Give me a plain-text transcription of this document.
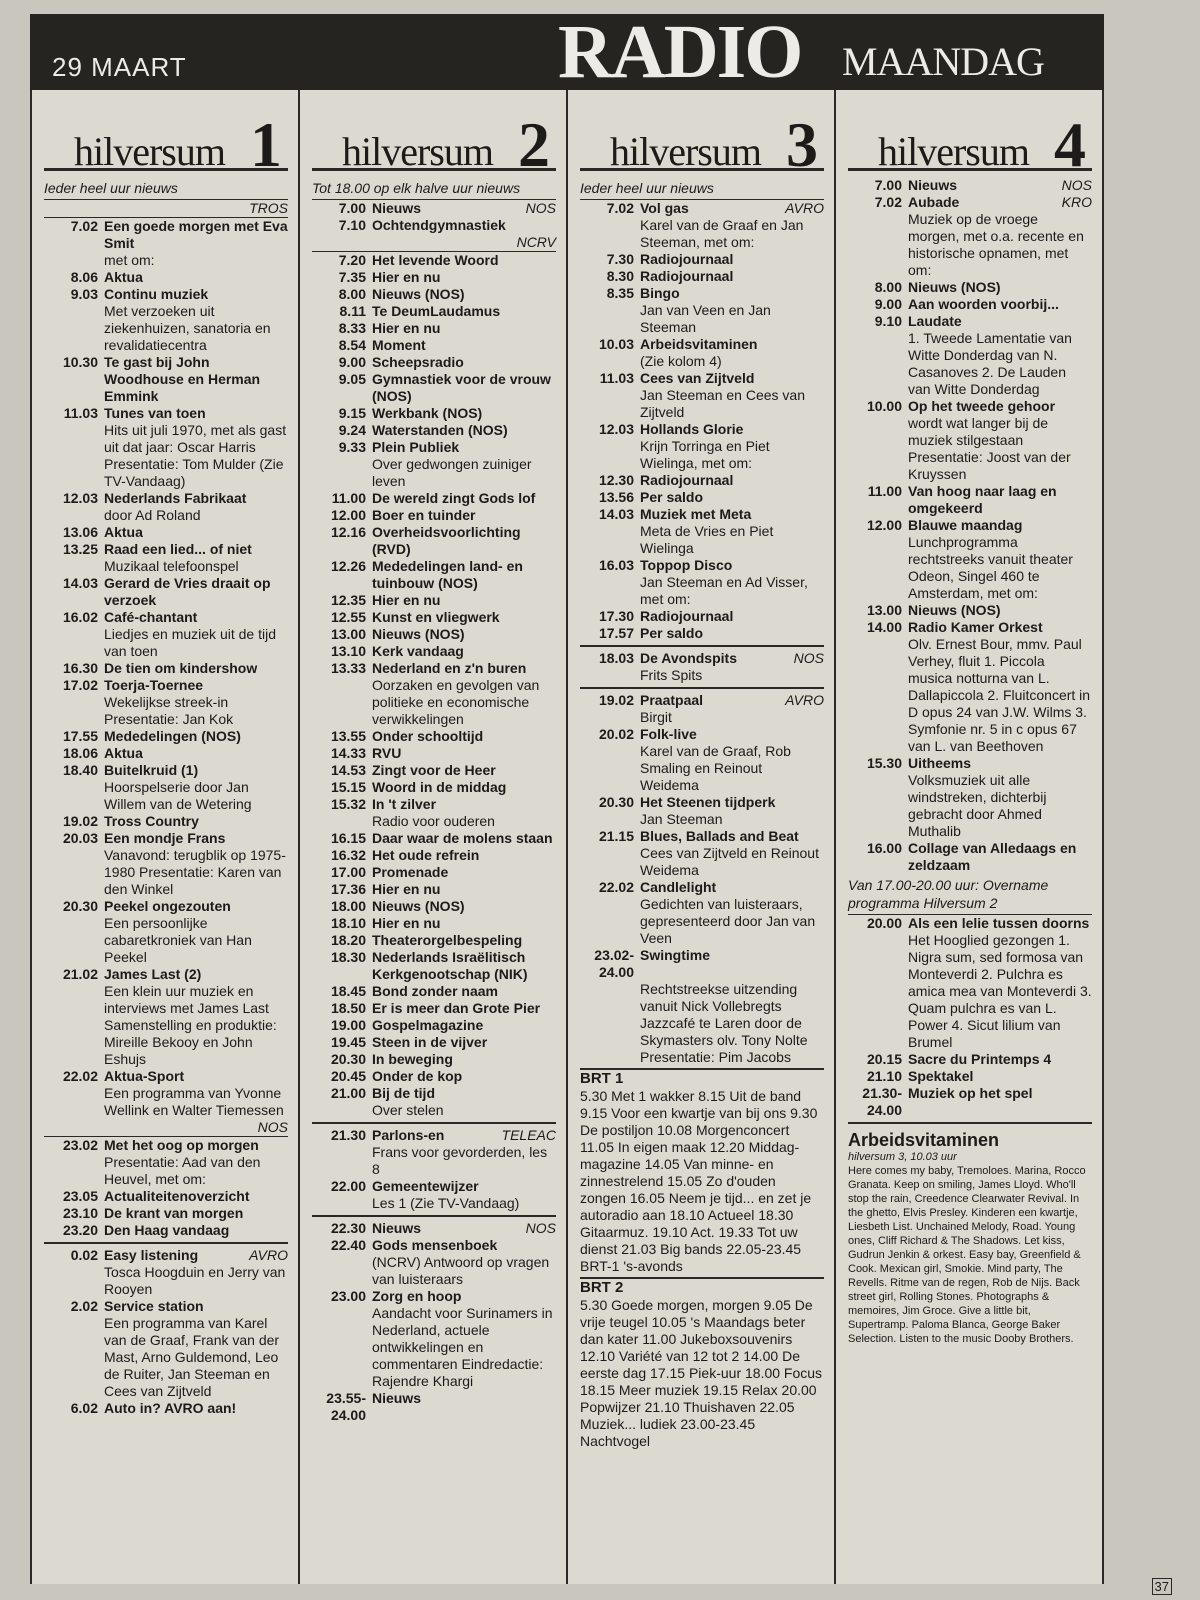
29 MAART	RADIO MAANDAG
hilversum 1
Ieder heel uur nieuws
TROS
7.02 Een goede morgen met Eva Smit
met om:
8.06 Aktua
9.03 Continu muziek
Met verzoeken uit ziekenhuizen, sanatoria en revalidatiecentra
10.30 Te gast bij John Woodhouse en Herman Emmink
11.03 Tunes van toen
Hits uit juli 1970, met als gast uit dat jaar: Oscar Harris Presentatie: Tom Mulder (Zie TV-Vandaag)
12.03 Nederlands Fabrikaat
door Ad Roland
13.06 Aktua
13.25 Raad een lied... of niet
Muzikaal telefoonspel
14.03 Gerard de Vries draait op verzoek
16.02 Café-chantant
Liedjes en muziek uit de tijd van toen
16.30 De tien om kindershow
17.02 Toerja-Toernee
Wekelijkse streek-in Presentatie: Jan Kok
17.55 Mededelingen (NOS)
18.06 Aktua
18.40 Buitelkruid (1)
Hoorspelserie door Jan Willem van de Wetering
19.02 Tross Country
20.03 Een mondje Frans
Vanavond: terugblik op 1975-1980 Presentatie: Karen van den Winkel
20.30 Peekel ongezouten
Een persoonlijke cabaretkroniek van Han Peekel
21.02 James Last (2)
Een klein uur muziek en interviews met James Last Samenstelling en produktie: Mireille Bekooy en John Eshujs
22.02 Aktua-Sport
Een programma van Yvonne Wellink en Walter Tiemessen
NOS
23.02 Met het oog op morgen
Presentatie: Aad van den Heuvel, met om:
23.05 Actualiteitenoverzicht
23.10 De krant van morgen
23.20 Den Haag vandaag
0.02 Easy listening	AVRO
Tosca Hoogduin en Jerry van Rooyen
2.02 Service station
Een programma van Karel van de Graaf, Frank van der Mast, Arno Guldemond, Leo de Ruiter, Jan Steeman en Cees van Zijtveld
6.02 Auto in? AVRO aan!
hilversum 2
Tot 18.00 op elk halve uur nieuws
7.00 Nieuws	NOS
7.10 Ochtendgymnastiek
NCRV
7.20 Het levende Woord
7.35 Hier en nu
8.00 Nieuws (NOS)
8.11 Te DeumLaudamus
8.33 Hier en nu
8.54 Moment
9.00 Scheepsradio
9.05 Gymnastiek voor de vrouw (NOS)
9.15 Werkbank (NOS)
9.24 Waterstanden (NOS)
9.33 Plein Publiek
Over gedwongen zuiniger leven
11.00 De wereld zingt Gods lof
12.00 Boer en tuinder
12.16 Overheidsvoorlichting (RVD)
12.26 Mededelingen land- en tuinbouw (NOS)
12.35 Hier en nu
12.55 Kunst en vliegwerk
13.00 Nieuws (NOS)
13.10 Kerk vandaag
13.33 Nederland en z'n buren
Oorzaken en gevolgen van politieke en economische verwikkelingen
13.55 Onder schooltijd
14.33 RVU
14.53 Zingt voor de Heer
15.15 Woord in de middag
15.32 In 't zilver
Radio voor ouderen
16.15 Daar waar de molens staan
16.32 Het oude refrein
17.00 Promenade
17.36 Hier en nu
18.00 Nieuws (NOS)
18.10 Hier en nu
18.20 Theaterorgelbespeling
18.30 Nederlands Israëlitisch Kerkgenootschap (NIK)
18.45 Bond zonder naam
18.50 Er is meer dan Grote Pier
19.00 Gospelmagazine
19.45 Steen in de vijver
20.30 In beweging
20.45 Onder de kop
21.00 Bij de tijd
Over stelen
21.30 Parlons-en	TELEAC
Frans voor gevorderden, les 8
22.00 Gemeentewijzer
Les 1 (Zie TV-Vandaag)
22.30 Nieuws	NOS
22.40 Gods mensenboek
(NCRV) Antwoord op vragen van luisteraars
23.00 Zorg en hoop
Aandacht voor Surinamers in Nederland, actuele ontwikkelingen en commentaren Eindredactie: Rajendre Khargi
23.55-24.00
Nieuws
hilversum 3
Ieder heel uur nieuws
7.02 Vol gas	AVRO
Karel van de Graaf en Jan Steeman, met om:
7.30 Radiojournaal
8.30 Radiojournaal
8.35 Bingo
Jan van Veen en Jan Steeman
10.03 Arbeidsvitaminen
(Zie kolom 4)
11.03 Cees van Zijtveld
Jan Steeman en Cees van Zijtveld
12.03 Hollands Glorie
Krijn Torringa en Piet Wielinga, met om:
12.30 Radiojournaal
13.56 Per saldo
14.03 Muziek met Meta
Meta de Vries en Piet Wielinga
16.03 Toppop Disco
Jan Steeman en Ad Visser, met om:
17.30 Radiojournaal
17.57 Per saldo
18.03 De Avondspits	NOS
Frits Spits
19.02 Praatpaal	AVRO
Birgit
20.02 Folk-live
Karel van de Graaf, Rob Smaling en Reinout Weidema
20.30 Het Steenen tijdperk
Jan Steeman
21.15 Blues, Ballads and Beat
Cees van Zijtveld en Reinout Weidema
22.02 Candlelight
Gedichten van luisteraars, gepresenteerd door Jan van Veen
23.02-24.00
Swingtime
Rechtstreekse uitzending vanuit Nick Vollebregts Jazzcafé te Laren door de Skymasters olv. Tony Nolte Presentatie: Pim Jacobs
BRT 1
5.30 Met 1 wakker 8.15 Uit de band 9.15 Voor een kwartje van bij ons 9.30 De postiljon 10.08 Morgenconcert 11.05 In eigen maak 12.20 Middag-magazine 14.05 Van minne- en zinnestrelend 15.05 Zo d'ouden zongen 16.05 Neem je tijd... en zet je autoradio aan 18.10 Actueel 18.30 Gitaarmuz. 19.10 Act. 19.33 Tot uw dienst 21.03 Big bands 22.05-23.45 BRT-1 's-avonds
BRT 2
5.30 Goede morgen, morgen 9.05 De vrije teugel 10.05 's Maandags beter dan kater 11.00 Jukeboxsouvenirs 12.10 Variété van 12 tot 2 14.00 De eerste dag 17.15 Piek-uur 18.00 Focus 18.15 Meer muziek 19.15 Relax 20.00 Popwijzer 21.10 Thuishaven 22.05 Muziek... ludiek 23.00-23.45 Nachtvogel
hilversum 4
7.00 Nieuws	NOS
7.02 Aubade	KRO
Muziek op de vroege morgen, met o.a. recente en historische opnamen, met om:
8.00 Nieuws (NOS)
9.00 Aan woorden voorbij...
9.10 Laudate
1. Tweede Lamentatie van Witte Donderdag van N. Casanoves 2. De Lauden van Witte Donderdag
10.00 Op het tweede gehoor
wordt wat langer bij de muziek stilgestaan Presentatie: Joost van der Kruyssen
11.00 Van hoog naar laag en omgekeerd
12.00 Blauwe maandag
Lunchprogramma rechtstreeks vanuit theater Odeon, Singel 460 te Amsterdam, met om:
13.00 Nieuws (NOS)
14.00 Radio Kamer Orkest
Olv. Ernest Bour, mmv. Paul Verhey, fluit 1. Piccola musica notturna van L. Dallapiccola 2. Fluitconcert in D opus 24 van J.W. Wilms 3. Symfonie nr. 5 in c opus 67 van L. van Beethoven
15.30 Uitheems
Volksmuziek uit alle windstreken, dichterbij gebracht door Ahmed Muthalib
16.00 Collage van Alledaags en zeldzaam
Van 17.00-20.00 uur: Overname programma Hilversum 2
20.00 Als een lelie tussen doorns
Het Hooglied gezongen 1. Nigra sum, sed formosa van Monteverdi 2. Pulchra es amica mea van Monteverdi 3. Quam pulchra es van L. Power 4. Sicut lilium van Brumel
20.15 Sacre du Printemps 4
21.10 Spektakel
21.30-24.00
Muziek op het spel
Arbeidsvitaminen
hilversum 3, 10.03 uur
Here comes my baby, Tremoloes. Marina, Rocco Granata. Keep on smiling, James Lloyd. Who'll stop the rain, Creedence Clearwater Revival. In the ghetto, Elvis Presley. Kinderen een kwartje, Liesbeth List. Unchained Melody, Road. Young ones, Cliff Richard & The Shadows. Let kiss, Gudrun Jenkin & orkest. Easy bay, Greenfield & Cook. Mexican girl, Smokie. Mind party, The Revells. Ritme van de regen, Rob de Nijs. Back street girl, Rolling Stones. Photographs & memoires, Jim Groce. Give a little bit, Supertramp. Paloma Blanca, George Baker Selection. Listen to the music Dooby Brothers.
37
